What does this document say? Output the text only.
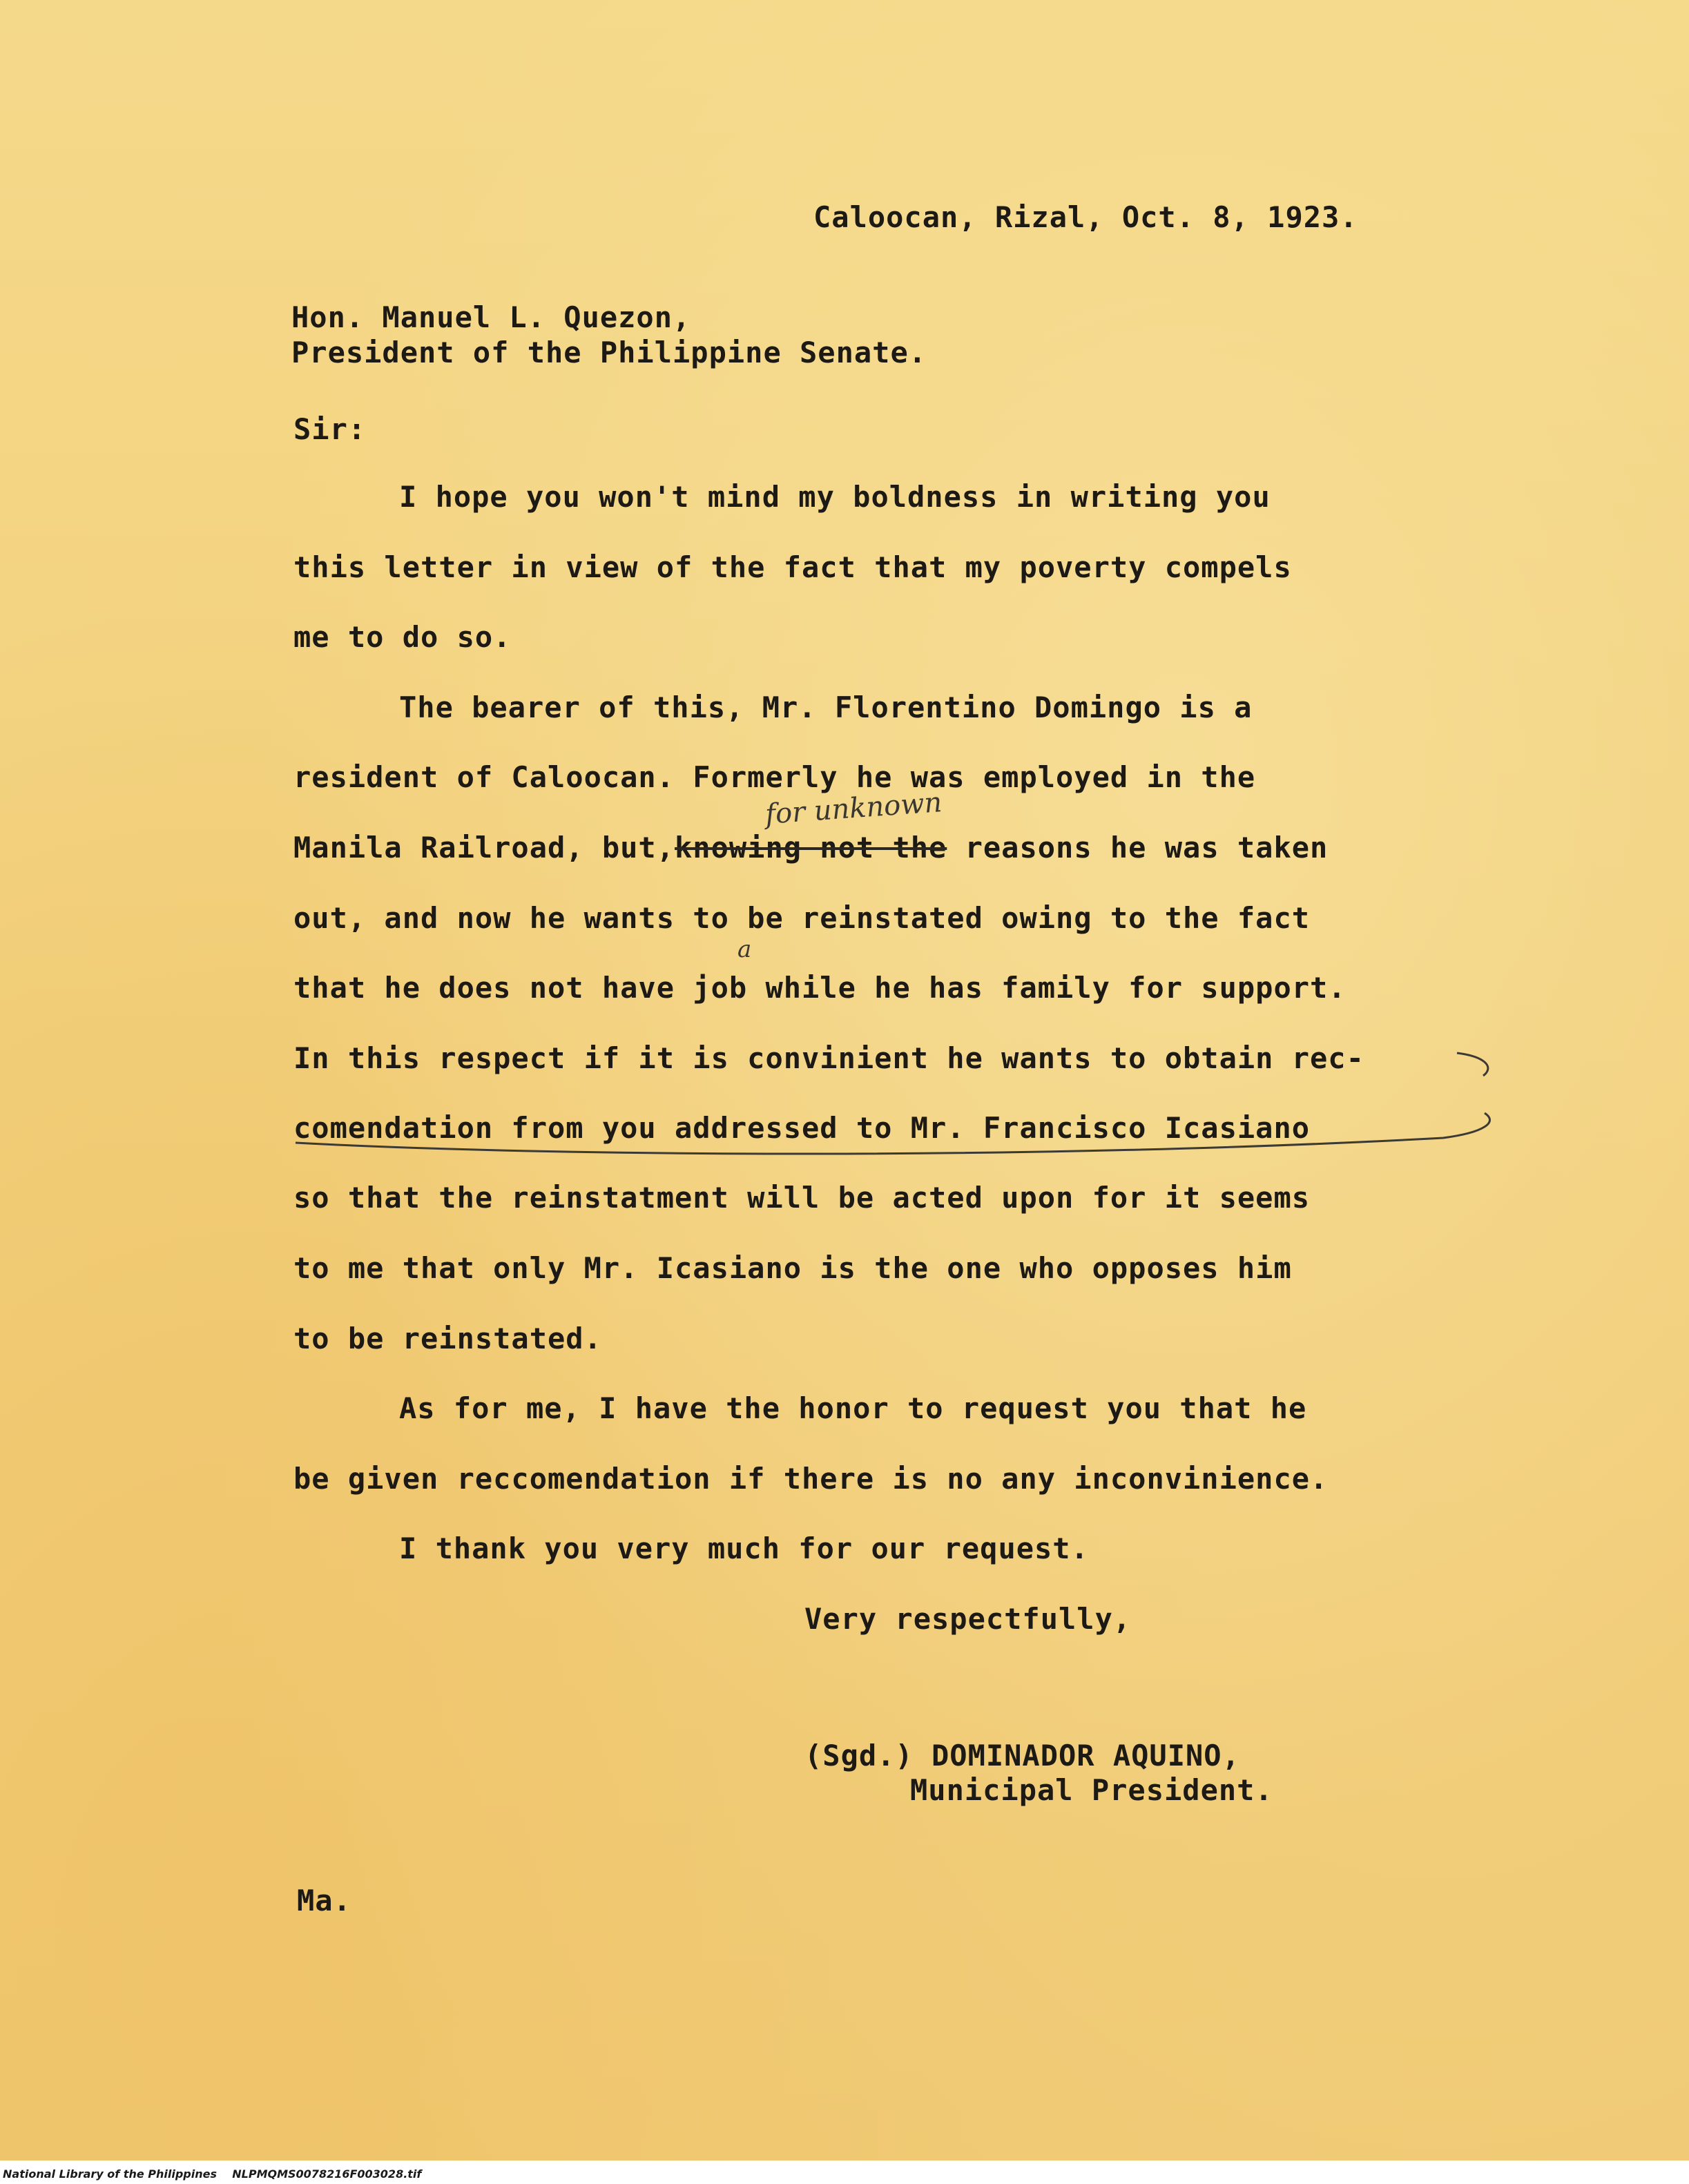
Caloocan, Rizal, Oct. 8, 1923.

Hon. Manuel L. Quezon,

President of the Philippine Senate.

Sir:

I hope you won't mind my boldness in writing you

this letter in view of the fact that my poverty compels

me to do so.

The bearer of this, Mr. Florentino Domingo is a

resident of Caloocan. Formerly he was employed in the

for unknown

Manila Railroad, but,knowing not the reasons he was taken

out, and now he wants to be reinstated owing to the fact

a

that he does not have job while he has family for support.

In this respect if it is convinient he wants to obtain rec-

comendation from you addressed to Mr. Francisco Icasiano

so that the reinstatment will be acted upon for it seems

to me that only Mr. Icasiano is the one who opposes him

to be reinstated.

As for me, I have the honor to request you that he

be given reccomendation if there is no any inconvinience.

I thank you very much for our request.

Very respectfully,

(Sgd.) DOMINADOR AQUINO,

Municipal President.

Ma.

National Library of the Philippines    NLPMQMS0078216F003028.tif
